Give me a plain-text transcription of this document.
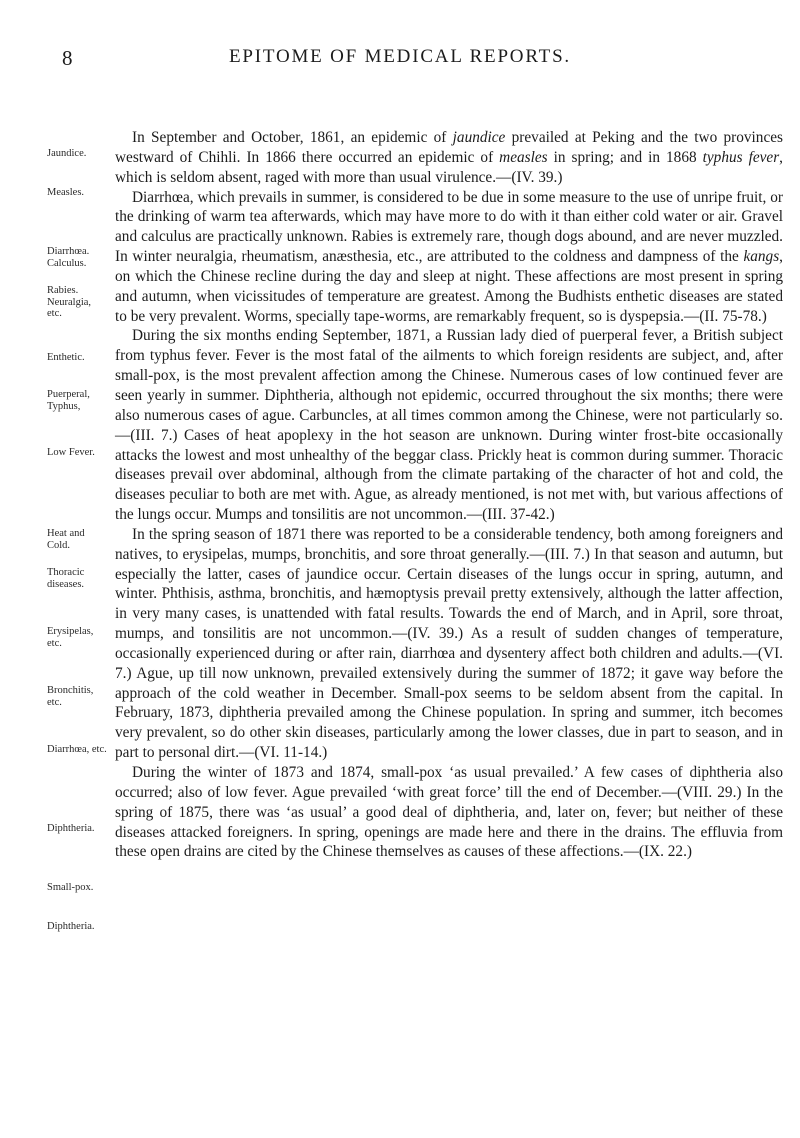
8	EPITOME OF MEDICAL REPORTS.

Jaundice.
Measles.
In September and October, 1861, an epidemic of jaundice prevailed at Peking and the two provinces westward of Chihli. In 1866 there occurred an epidemic of measles in spring; and in 1868 typhus fever, which is seldom absent, raged with more than usual virulence.—(IV. 39.)

Diarrhœa. Calculus.
Rabies. Neuralgia, etc.
Enthetic.
Diarrhœa, which prevails in summer, is considered to be due in some measure to the use of unripe fruit, or the drinking of warm tea afterwards, which may have more to do with it than either cold water or air. Gravel and calculus are practically unknown. Rabies is extremely rare, though dogs abound, and are never muzzled. In winter neuralgia, rheumatism, anæsthesia, etc., are attributed to the coldness and dampness of the kangs, on which the Chinese recline during the day and sleep at night. These affections are most present in spring and autumn, when vicissitudes of temperature are greatest. Among the Budhists enthetic diseases are stated to be very prevalent. Worms, specially tape-worms, are remarkably frequent, so is dyspepsia.—(II. 75-78.)

Puerperal, Typhus,
Low Fever.
Heat and Cold.
Thoracic diseases.
During the six months ending September, 1871, a Russian lady died of puerperal fever, a British subject from typhus fever. Fever is the most fatal of the ailments to which foreign residents are subject, and, after small-pox, is the most prevalent affection among the Chinese. Numerous cases of low continued fever are seen yearly in summer. Diphtheria, although not epidemic, occurred throughout the six months; there were also numerous cases of ague. Carbuncles, at all times common among the Chinese, were not particularly so.—(III. 7.) Cases of heat apoplexy in the hot season are unknown. During winter frost-bite occasionally attacks the lowest and most unhealthy of the beggar class. Prickly heat is common during summer. Thoracic diseases prevail over abdominal, although from the climate partaking of the character of hot and cold, the diseases peculiar to both are met with. Ague, as already mentioned, is not met with, but various affections of the lungs occur. Mumps and tonsilitis are not uncommon.—(III. 37-42.)

Erysipelas, etc.
Bronchitis, etc.
Diarrhœa, etc.
Diphtheria.
In the spring season of 1871 there was reported to be a considerable tendency, both among foreigners and natives, to erysipelas, mumps, bronchitis, and sore throat generally.—(III. 7.) In that season and autumn, but especially the latter, cases of jaundice occur. Certain diseases of the lungs occur in spring, autumn, and winter. Phthisis, asthma, bronchitis, and hæmoptysis prevail pretty extensively, although the latter affection, in very many cases, is unattended with fatal results. Towards the end of March, and in April, sore throat, mumps, and tonsilitis are not uncommon.—(IV. 39.) As a result of sudden changes of temperature, occasionally experienced during or after rain, diarrhœa and dysentery affect both children and adults.—(VI. 7.) Ague, up till now unknown, prevailed extensively during the summer of 1872; it gave way before the approach of the cold weather in December. Small-pox seems to be seldom absent from the capital. In February, 1873, diphtheria prevailed among the Chinese population. In spring and summer, itch becomes very prevalent, so do other skin diseases, particularly among the lower classes, due in part to season, and in part to personal dirt.—(VI. 11-14.)

Small-pox.
Diphtheria.
During the winter of 1873 and 1874, small-pox ‘as usual prevailed.’ A few cases of diphtheria also occurred; also of low fever. Ague prevailed ‘with great force’ till the end of December.—(VIII. 29.) In the spring of 1875, there was ‘as usual’ a good deal of diphtheria, and, later on, fever; but neither of these diseases attacked foreigners. In spring, openings are made here and there in the drains. The effluvia from these open drains are cited by the Chinese themselves as causes of these affections.—(IX. 22.)
